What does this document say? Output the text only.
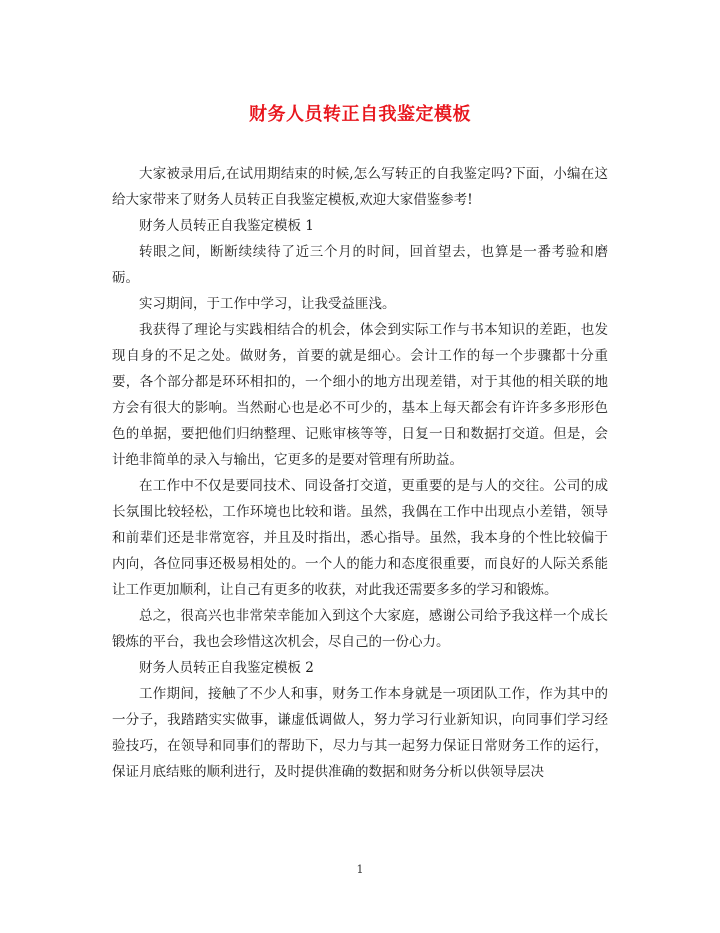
财务人员转正自我鉴定模板

大家被录用后,在试用期结束的时候,怎么写转正的自我鉴定吗?下面，小编在这给大家带来了财务人员转正自我鉴定模板,欢迎大家借鉴参考!

财务人员转正自我鉴定模板 1

转眼之间，断断续续待了近三个月的时间，回首望去，也算是一番考验和磨砺。

实习期间，于工作中学习，让我受益匪浅。

我获得了理论与实践相结合的机会，体会到实际工作与书本知识的差距，也发现自身的不足之处。做财务，首要的就是细心。会计工作的每一个步骤都十分重要，各个部分都是环环相扣的，一个细小的地方出现差错，对于其他的相关联的地方会有很大的影响。当然耐心也是必不可少的，基本上每天都会有许许多多形形色色的单据，要把他们归纳整理、记账审核等等，日复一日和数据打交道。但是，会计绝非简单的录入与输出，它更多的是要对管理有所助益。

在工作中不仅是要同技术、同设备打交道，更重要的是与人的交往。公司的成长氛围比较轻松，工作环境也比较和谐。虽然，我偶在工作中出现点小差错，领导和前辈们还是非常宽容，并且及时指出，悉心指导。虽然，我本身的个性比较偏于内向，各位同事还极易相处的。一个人的能力和态度很重要，而良好的人际关系能让工作更加顺利，让自己有更多的收获，对此我还需要多多的学习和锻炼。

总之，很高兴也非常荣幸能加入到这个大家庭，感谢公司给予我这样一个成长锻炼的平台，我也会珍惜这次机会，尽自己的一份心力。

财务人员转正自我鉴定模板 2

工作期间，接触了不少人和事，财务工作本身就是一项团队工作，作为其中的一分子，我踏踏实实做事，谦虚低调做人，努力学习行业新知识，向同事们学习经验技巧，在领导和同事们的帮助下，尽力与其一起努力保证日常财务工作的运行，保证月底结账的顺利进行，及时提供准确的数据和财务分析以供领导层决

1
